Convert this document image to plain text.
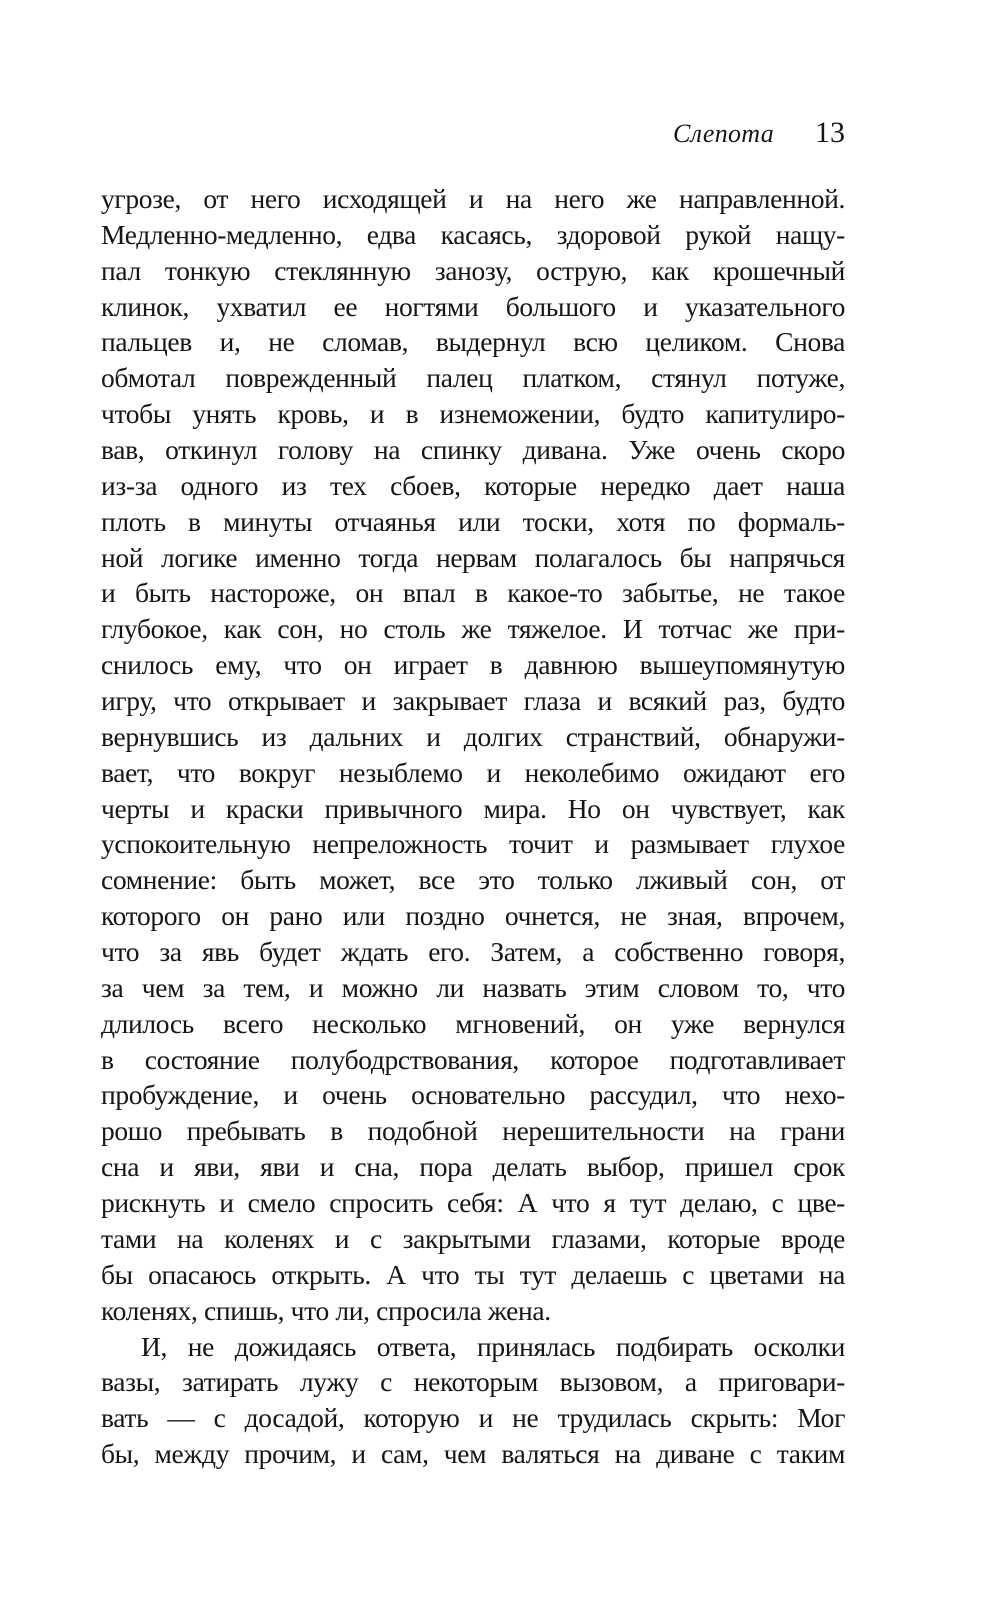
Слепота 13
угрозе, от него исходящей и на него же направленной.
Медленно-медленно, едва касаясь, здоровой рукой нащу-
пал тонкую стеклянную занозу, острую, как крошечный
клинок, ухватил ее ногтями большого и указательного
пальцев и, не сломав, выдернул всю целиком. Снова
обмотал поврежденный палец платком, стянул потуже,
чтобы унять кровь, и в изнеможении, будто капитулиро-
вав, откинул голову на спинку дивана. Уже очень скоро
из-за одного из тех сбоев, которые нередко дает наша
плоть в минуты отчаянья или тоски, хотя по формаль-
ной логике именно тогда нервам полагалось бы напрячься
и быть настороже, он впал в какое-то забытье, не такое
глубокое, как сон, но столь же тяжелое. И тотчас же при-
снилось ему, что он играет в давнюю вышеупомянутую
игру, что открывает и закрывает глаза и всякий раз, будто
вернувшись из дальних и долгих странствий, обнаружи-
вает, что вокруг незыблемо и неколебимо ожидают его
черты и краски привычного мира. Но он чувствует, как
успокоительную непреложность точит и размывает глухое
сомнение: быть может, все это только лживый сон, от
которого он рано или поздно очнется, не зная, впрочем,
что за явь будет ждать его. Затем, а собственно говоря,
за чем за тем, и можно ли назвать этим словом то, что
длилось всего несколько мгновений, он уже вернулся
в состояние полубодрствования, которое подготавливает
пробуждение, и очень основательно рассудил, что нехо-
рошо пребывать в подобной нерешительности на грани
сна и яви, яви и сна, пора делать выбор, пришел срок
рискнуть и смело спросить себя: А что я тут делаю, с цве-
тами на коленях и с закрытыми глазами, которые вроде
бы опасаюсь открыть. А что ты тут делаешь с цветами на
коленях, спишь, что ли, спросила жена.
И, не дожидаясь ответа, принялась подбирать осколки
вазы, затирать лужу с некоторым вызовом, а приговари-
вать — с досадой, которую и не трудилась скрыть: Мог
бы, между прочим, и сам, чем валяться на диване с таким
